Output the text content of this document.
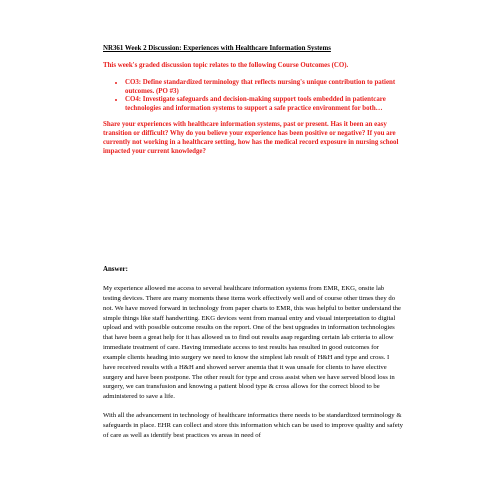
NR361 Week 2 Discussion: Experiences with Healthcare Information Systems

This week's graded discussion topic relates to the following Course Outcomes (CO).

• CO3: Define standardized terminology that reflects nursing's unique contribution to patient outcomes. (PO #3)
• CO4: Investigate safeguards and decision-making support tools embedded in patientcare technologies and information systems to support a safe practice environment for both…

Share your experiences with healthcare information systems, past or present. Has it been an easy transition or difficult? Why do you believe your experience has been positive or negative? If you are currently not working in a healthcare setting, how has the medical record exposure in nursing school impacted your current knowledge?

Answer:

My experience allowed me access to several healthcare information systems from EMR, EKG, onsite lab testing devices. There are many moments these items work effectively well and of course other times they do not. We have moved forward in technology from paper charts to EMR, this was helpful to better understand the simple things like staff handwriting. EKG devices went from manual entry and visual interpretation to digital upload and with possible outcome results on the report. One of the best upgrades in information technologies that have been a great help for it has allowed us to find out results asap regarding certain lab criteria to allow immediate treatment of care. Having immediate access to test results has resulted in good outcomes for example clients heading into surgery we need to know the simplest lab result of H&H and type and cross. I have received results with a H&H and showed server anemia that it was unsafe for clients to have elective surgery and have been postpone. The other result for type and cross assist when we have served blood loss in surgery, we can transfusion and knowing a patient blood type & cross allows for the correct blood to be administered to save a life.

With all the advancement in technology of healthcare informatics there needs to be standardized terminology & safeguards in place. EHR can collect and store this information which can be used to improve quality and safety of care as well as identify best practices vs areas in need of
